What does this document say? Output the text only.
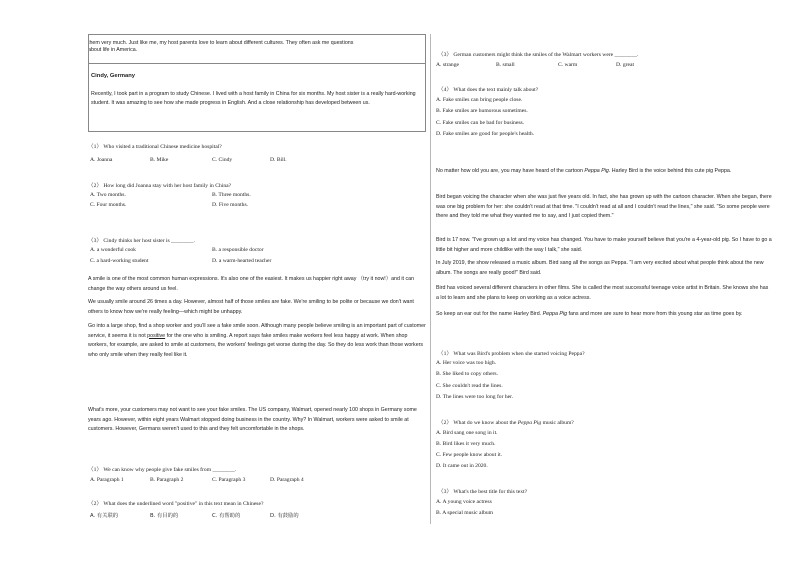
them very much. Just like me, my host parents love to learn about different cultures. They often ask me questions
about life in America.
Cindy, Germany
Recently, I took part in a program to study Chinese. I lived with a host family in China for six months. My host sister is a really hard-working student. It was amazing to see how she made progress in English. And a close relationship has developed between us.
（1） Who visited a traditional Chinese medicine hospital?
A. Joanna	B. Mike	C. Cindy	D. Bill.
（2） How long did Joanna stay with her host family in China?
A. Two months.	B. Three months.
C. Four months.	D. Five months.
（3） Cindy thinks her host sister is ________.
A. a wonderful cook	B. a responsible doctor
C. a hard-working student	D. a warm-hearted teacher
A smile is one of the most common human expressions. It's also one of the easiest. It makes us happier right away （try it now!）and it can change the way others around us feel.
We usually smile around 26 times a day. However, almost half of those smiles are fake. We're smiling to be polite or because we don't want others to know how we're really feeling—which might be unhappy.
Go into a large shop, find a shop worker and you'll see a fake smile soon. Although many people believe smiling is an important part of customer service, it seems it is not positive for the one who is smiling. A report says fake smiles make workers feel less happy at work. When shop workers, for example, are asked to smile at customers, the workers' feelings get worse during the day. So they do less work than those workers who only smile when they really feel like it.
What's more, your customers may not want to see your fake smiles. The US company, Walmart, opened nearly 100 shops in Germany some years ago. However, within eight years Walmart stopped doing business in the country. Why? In Walmart, workers were asked to smile at customers. However, Germans weren't used to this and they felt uncomfortable in the shops.
（1） We can know why people give fake smiles from ________.
A. Paragraph 1	B. Paragraph 2	C. Paragraph 3	D. Paragraph 4
（2） What does the underlined word "positive" in this text mean in Chinese?
A. 有关联的	B. 有目的的	C. 有帮助的	D. 有鼓励的
（3） German customers might think the smiles of the Walmart workers were ________.
A. strange	B. small	C. warm	D. great
（4） What does the text mainly talk about?
A. Fake smiles can bring people close.
B. Fake smiles are humorous sometimes.
C. Fake smiles can be bad for business.
D. Fake smiles are good for people's health.
No matter how old you are, you may have heard of the cartoon Peppa Pig. Harley Bird is the voice behind this cute pig Peppa.
Bird began voicing the character when she was just five years old. In fact, she has grown up with the cartoon character. When she began, there was one big problem for her: she couldn't read at that time. "I couldn't read at all and I couldn't read the lines," she said. "So some people were there and they told me what they wanted me to say, and I just copied them."
Bird is 17 now. "I've grown up a lot and my voice has changed. You have to make yourself believe that you're a 4-year-old pig. So I have to go a little bit higher and more childlike with the way I talk," she said.
In July 2019, the show released a music album. Bird sang all the songs as Peppa. "I am very excited about what people think about the new album. The songs are really good!" Bird said.
Bird has voiced several different characters in other films. She is called the most successful teenage voice artist in Britain. She knows she has a lot to learn and she plans to keep on working as a voice actress.
So keep an ear out for the name Harley Bird. Peppa Pig fans and more are sure to hear more from this young star as time goes by.
（1） What was Bird's problem when she started voicing Peppa?
A. Her voice was too high.
B. She liked to copy others.
C. She couldn't read the lines.
D. The lines were too long for her.
（2） What do we know about the Peppa Pig music album?
A. Bird sang one song in it.
B. Bird likes it very much.
C. Few people know about it.
D. It came out in 2020.
（3） What's the best title for this text?
A. A young voice actress
B. A special music album
